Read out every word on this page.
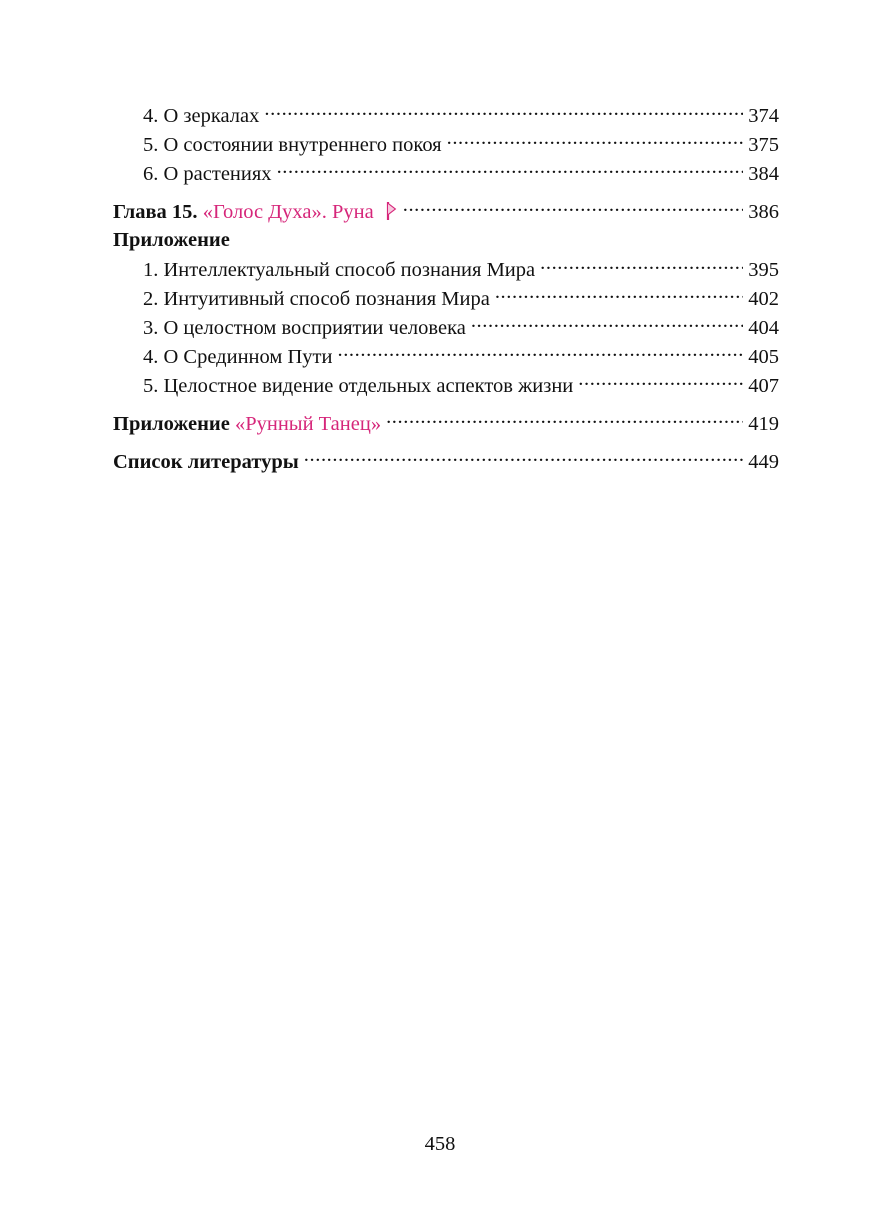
4. О зеркалах .....	374
5. О состоянии внутреннего покоя .....	375
6. О растениях .....	384
Глава 15. «Голос Духа». Руна .....	386
Приложение
1. Интеллектуальный способ познания Мира .....	395
2. Интуитивный способ познания Мира .....	402
3. О целостном восприятии человека .....	404
4. О Срединном Пути .....	405
5. Целостное видение отдельных аспектов жизни .....	407
Приложение «Рунный Танец» .....	419
Список литературы .....	449
458
